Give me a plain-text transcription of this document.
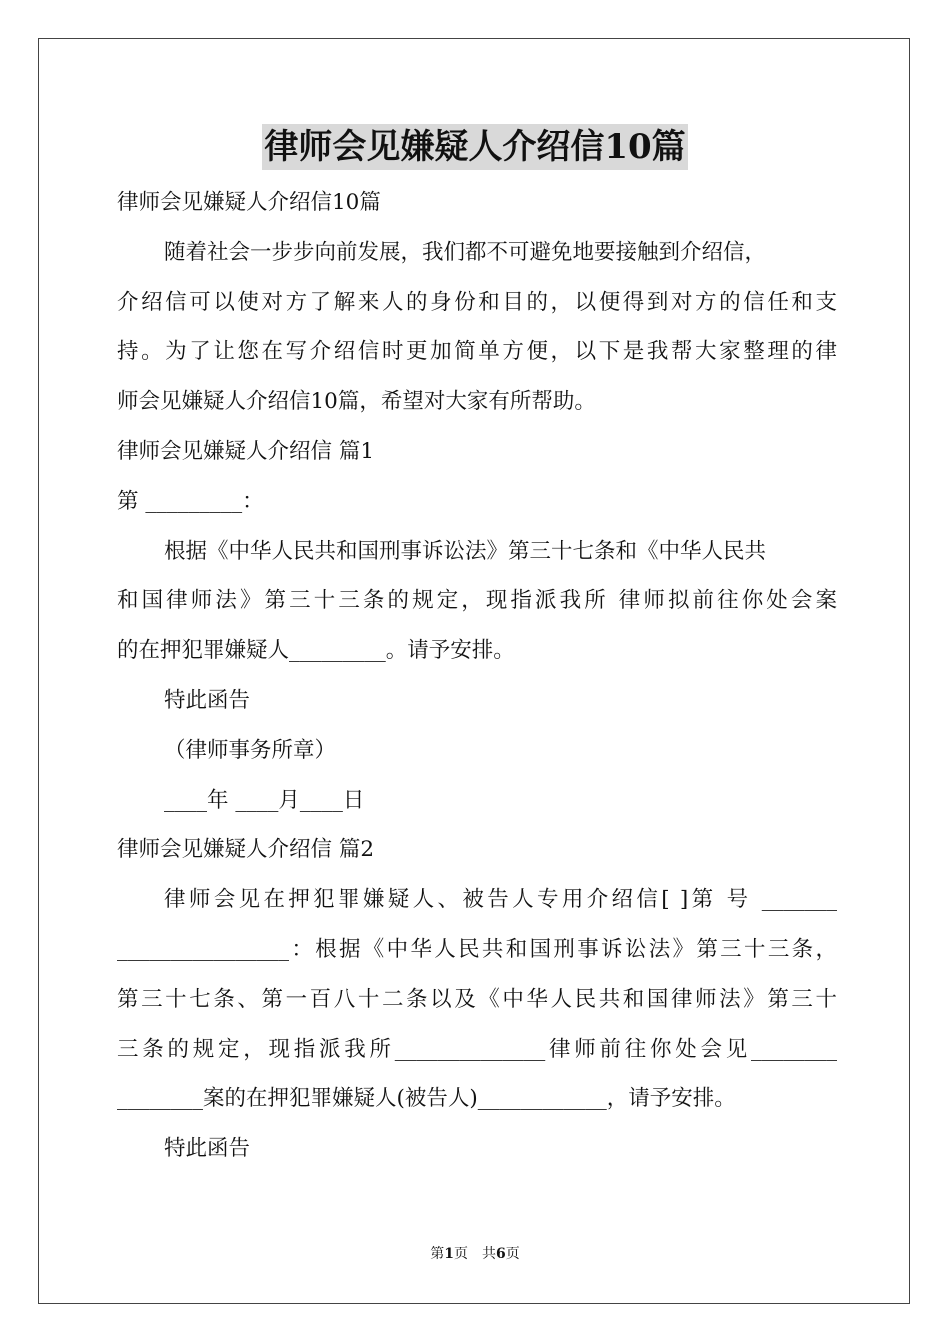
律师会见嫌疑人介绍信10篇
律师会见嫌疑人介绍信10篇
随着社会一步步向前发展，我们都不可避免地要接触到介绍信，
介绍信可以使对方了解来人的身份和目的，以便得到对方的信任和支
持。为了让您在写介绍信时更加简单方便，以下是我帮大家整理的律
师会见嫌疑人介绍信10篇，希望对大家有所帮助。
律师会见嫌疑人介绍信 篇1
第 _________：
根据《中华人民共和国刑事诉讼法》第三十七条和《中华人民共
和国律师法》第三十三条的规定，现指派我所 律师拟前往你处会案
的在押犯罪嫌疑人_________。请予安排。
特此函告
（律师事务所章）
____年 ____月____日
律师会见嫌疑人介绍信 篇2
律师会见在押犯罪嫌疑人、被告人专用介绍信[ ]第 号 _______
________________：根据《中华人民共和国刑事诉讼法》第三十三条，
第三十七条、第一百八十二条以及《中华人民共和国律师法》第三十
三条的规定，现指派我所______________律师前往你处会见________
________案的在押犯罪嫌疑人(被告人)____________，请予安排。
特此函告
第1页 共6页
